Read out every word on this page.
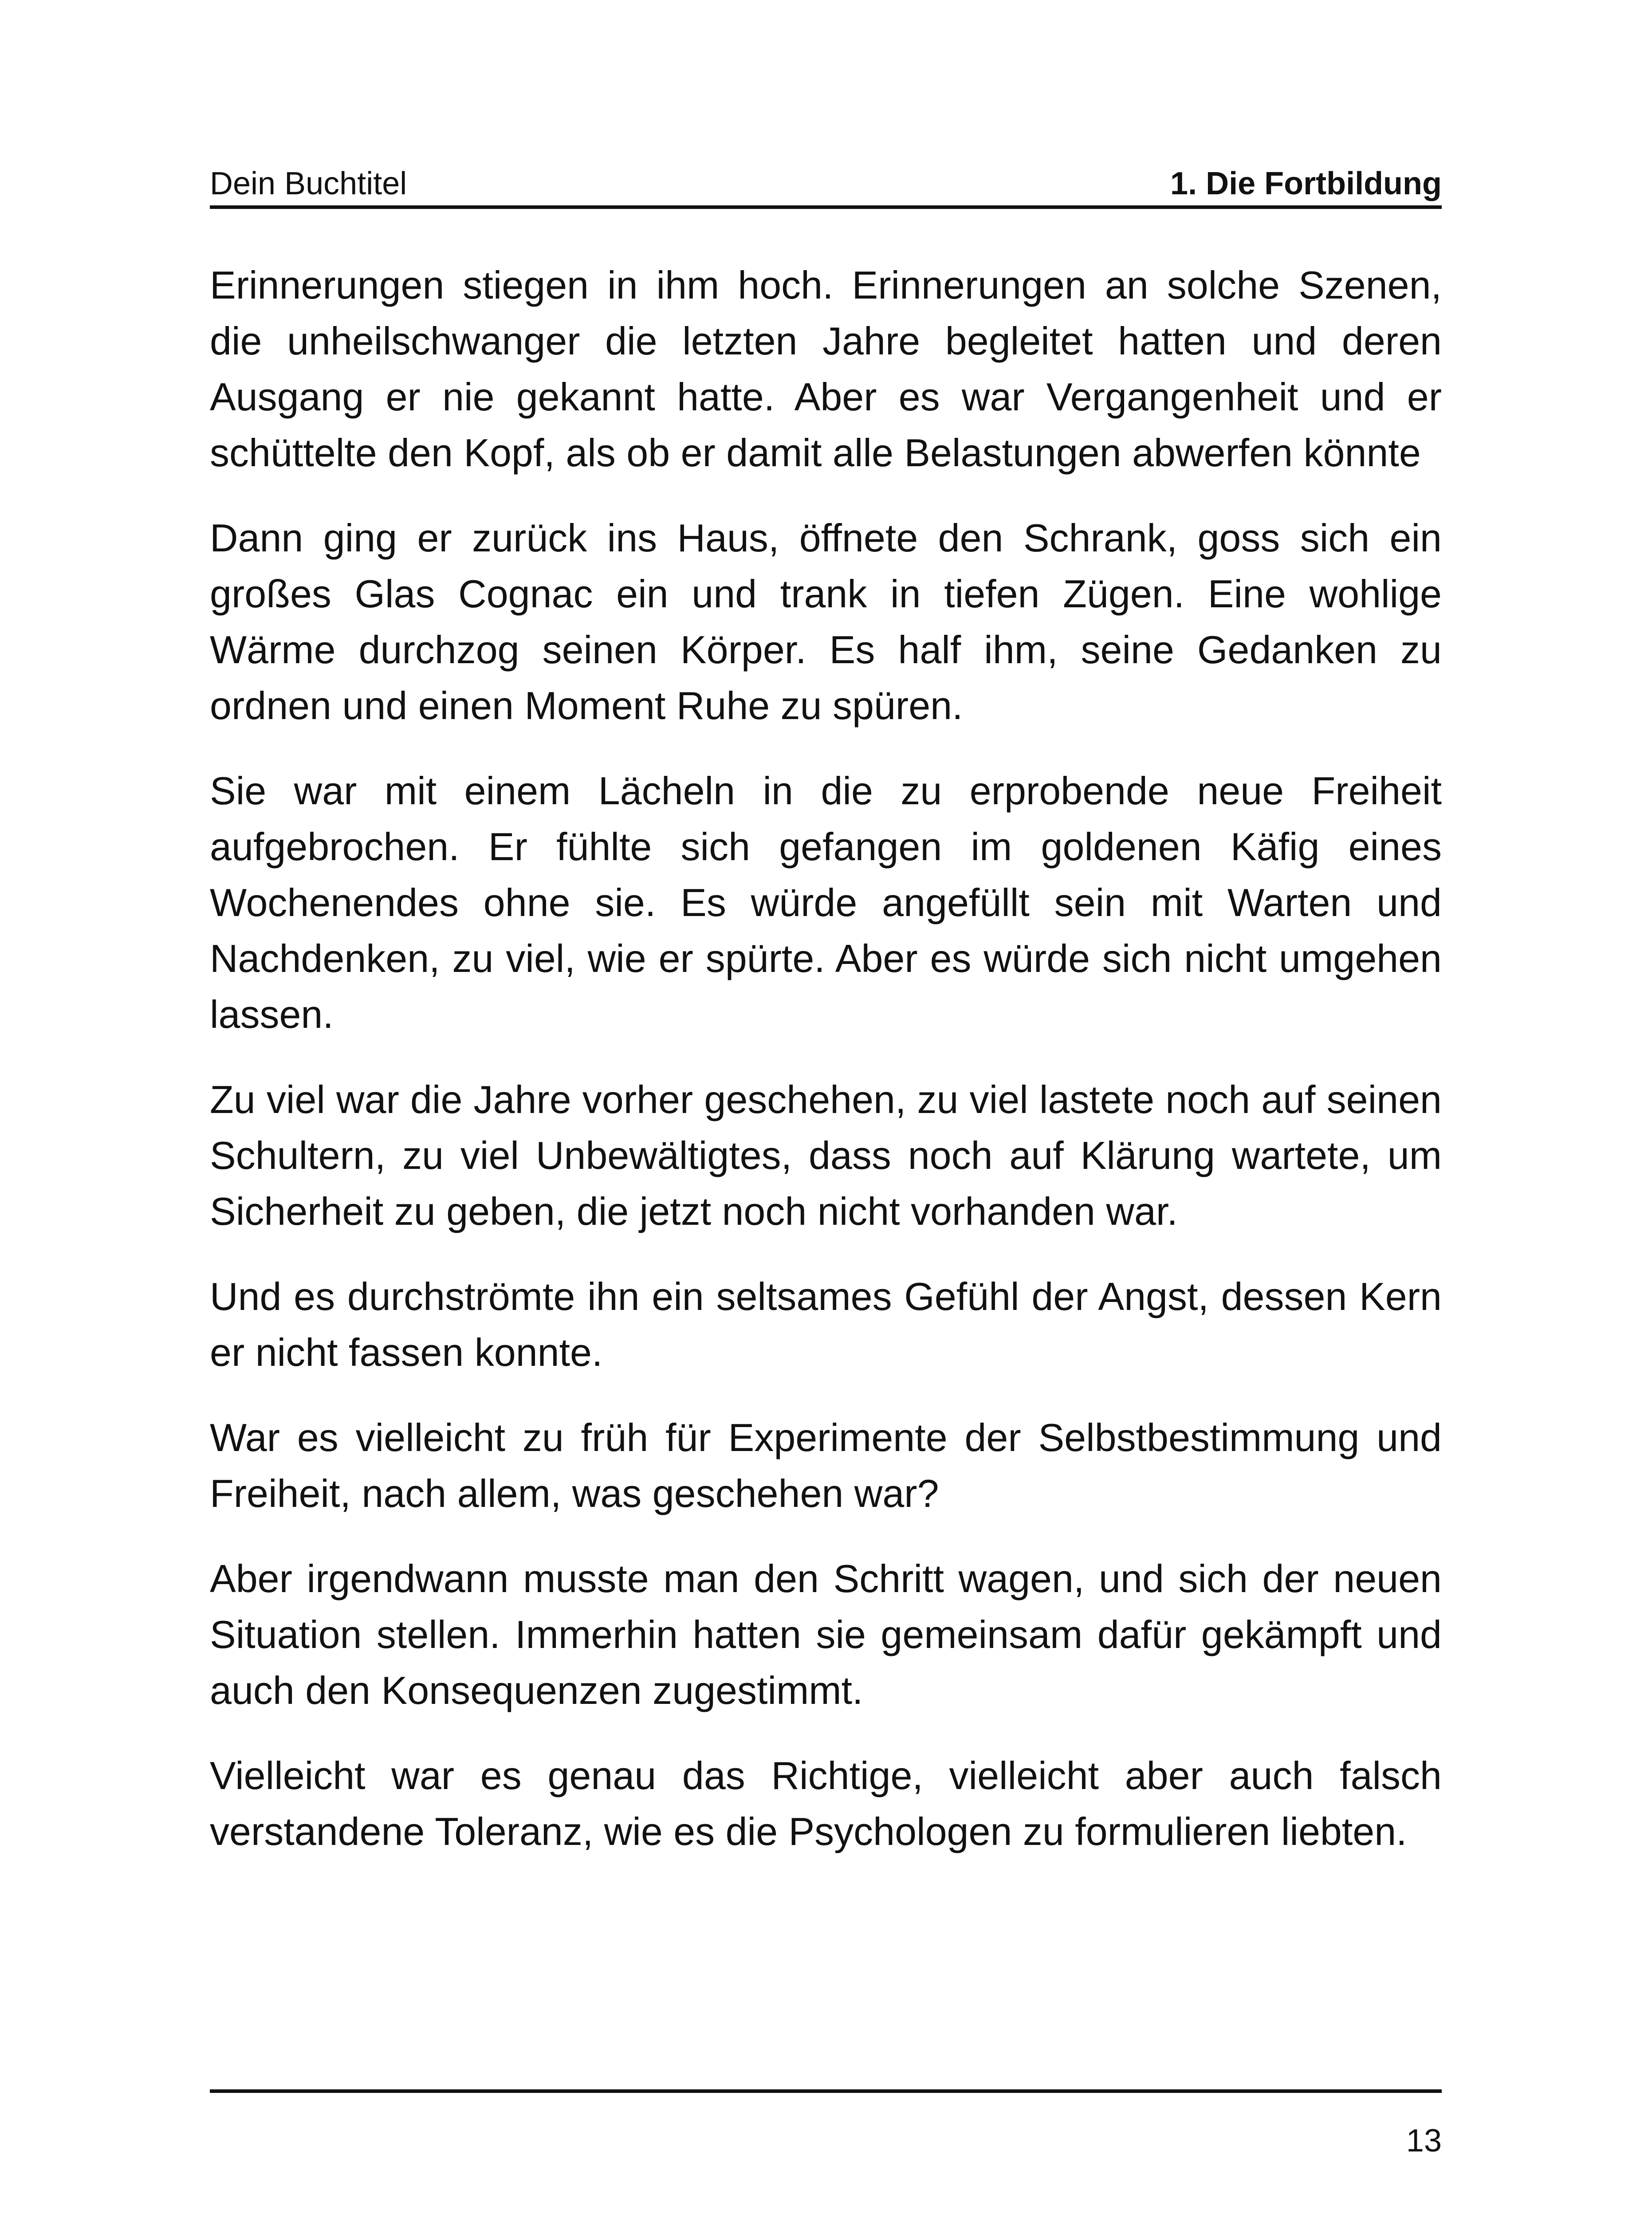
Dein Buchtitel	1. Die Fortbildung

Erinnerungen stiegen in ihm hoch. Erinnerungen an solche Szenen, die unheilschwanger die letzten Jahre begleitet hatten und deren Ausgang er nie gekannt hatte. Aber es war Vergangenheit und er schüttelte den Kopf, als ob er damit alle Belastungen abwerfen könnte

Dann ging er zurück ins Haus, öffnete den Schrank, goss sich ein großes Glas Cognac ein und trank in tiefen Zügen. Eine wohlige Wärme durchzog seinen Körper. Es half ihm, seine Gedanken zu ordnen und einen Moment Ruhe zu spüren.

Sie war mit einem Lächeln in die zu erprobende neue Freiheit aufgebrochen. Er fühlte sich gefangen im goldenen Käfig eines Wochenendes ohne sie. Es würde angefüllt sein mit Warten und Nachdenken, zu viel, wie er spürte. Aber es würde sich nicht umgehen lassen.

Zu viel war die Jahre vorher geschehen, zu viel lastete noch auf seinen Schultern, zu viel Unbewältigtes, dass noch auf Klärung wartete, um Sicherheit zu geben, die jetzt noch nicht vorhanden war.

Und es durchströmte ihn ein seltsames Gefühl der Angst, dessen Kern er nicht fassen konnte.

War es vielleicht zu früh für Experimente der Selbstbestimmung und Freiheit, nach allem, was geschehen war?

Aber irgendwann musste man den Schritt wagen, und sich der neuen Situation stellen. Immerhin hatten sie gemeinsam dafür gekämpft und auch den Konsequenzen zugestimmt.

Vielleicht war es genau das Richtige, vielleicht aber auch falsch verstandene Toleranz, wie es die Psychologen zu formulieren liebten.

13
